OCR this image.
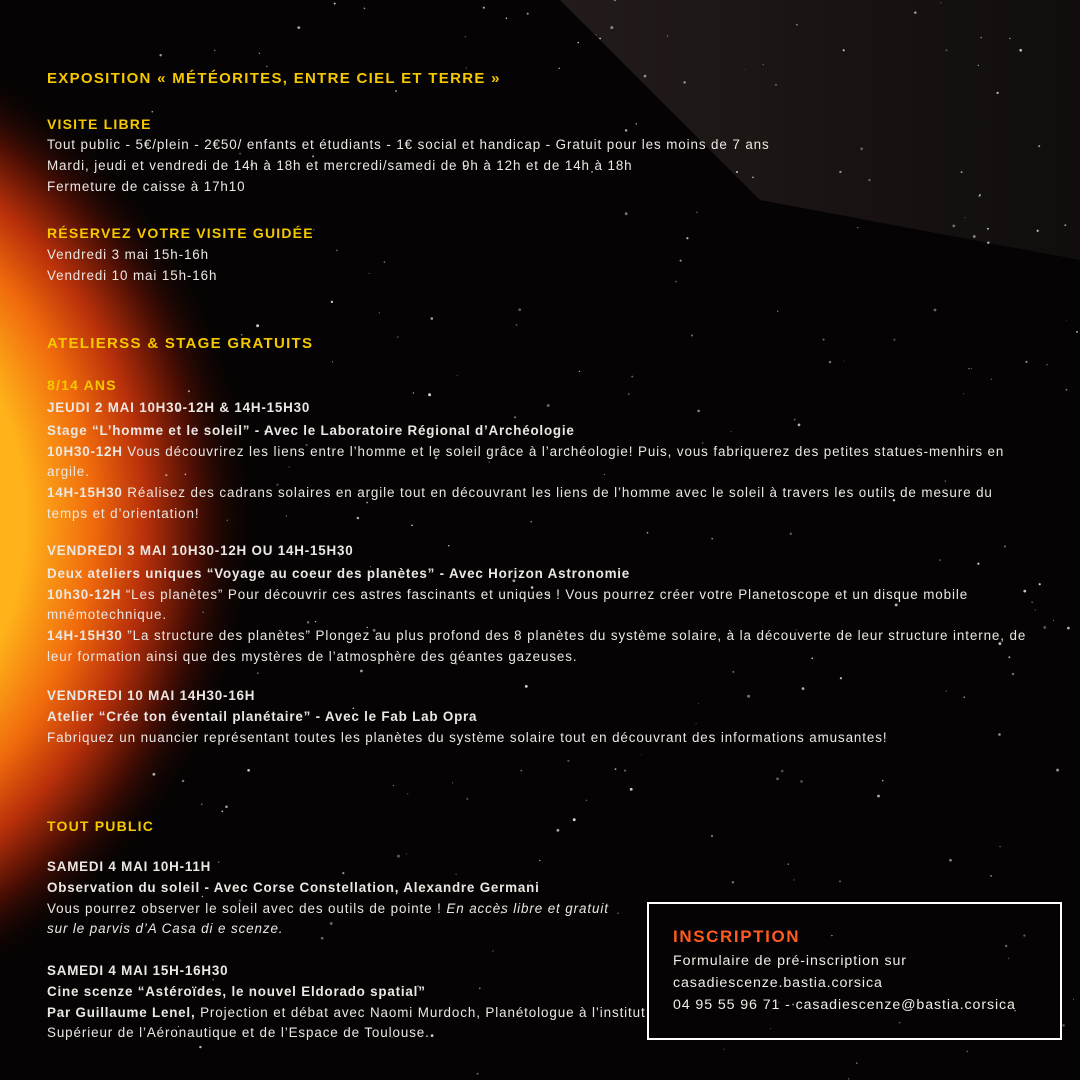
EXPOSITION « MÉTÉORITES, ENTRE CIEL ET TERRE »
VISITE LIBRE

Tout public - 5€/plein - 2€50/ enfants et étudiants - 1€ social et handicap - Gratuit pour les moins de 7 ans

Mardi, jeudi et vendredi de 14h à 18h et mercredi/samedi de 9h à 12h et de 14h à 18h

Fermeture de caisse à 17h10

RÉSERVEZ VOTRE VISITE GUIDÉE

Vendredi 3 mai 15h-16h

Vendredi 10 mai 15h-16h

ATELIERSS & STAGE GRATUITS
8/14 ANS

JEUDI 2 MAI 10H30-12H & 14H-15H30

Stage “L’homme et le soleil” - Avec le Laboratoire Régional d’Archéologie

10H30-12H Vous découvrirez les liens entre l’homme et le soleil grâce à l’archéologie! Puis, vous fabriquerez des petites statues-menhirs en argile.

14H-15H30 Réalisez des cadrans solaires en argile tout en découvrant les liens de l’homme avec le soleil à travers les outils de mesure du temps et d’orientation!

VENDREDI 3 MAI 10H30-12H OU 14H-15H30

Deux ateliers uniques “Voyage au coeur des planètes” - Avec Horizon Astronomie

10h30-12H “Les planètes” Pour découvrir ces astres fascinants et uniques ! Vous pourrez créer votre Planetoscope et un disque mobile mnémotechnique.

14H-15H30 ”La structure des planètes” Plongez au plus profond des 8 planètes du système solaire, à la découverte de leur structure interne, de leur formation ainsi que des mystères de l’atmosphère des géantes gazeuses.

VENDREDI 10 MAI 14H30-16H

Atelier “Crée ton éventail planétaire” - Avec le Fab Lab Opra

Fabriquez un nuancier représentant toutes les planètes du système solaire tout en découvrant des informations amusantes!

TOUT PUBLIC

SAMEDI 4 MAI 10H-11H

Observation du soleil - Avec Corse Constellation, Alexandre Germani

Vous pourrez observer le soleil avec des outils de pointe ! En accès libre et gratuit sur le parvis d’A Casa di e scenze.

SAMEDI 4 MAI 15H-16H30

Cine scenze “Astéroïdes, le nouvel Eldorado spatial”

Par Guillaume Lenel, Projection et débat avec Naomi Murdoch, Planétologue à l’institut Supérieur de l’Aéronautique et de l’Espace de Toulouse.

INSCRIPTION
Formulaire de pré-inscription sur
casadiescenze.bastia.corsica
04 95 55 96 71 - casadiescenze@bastia.corsica
